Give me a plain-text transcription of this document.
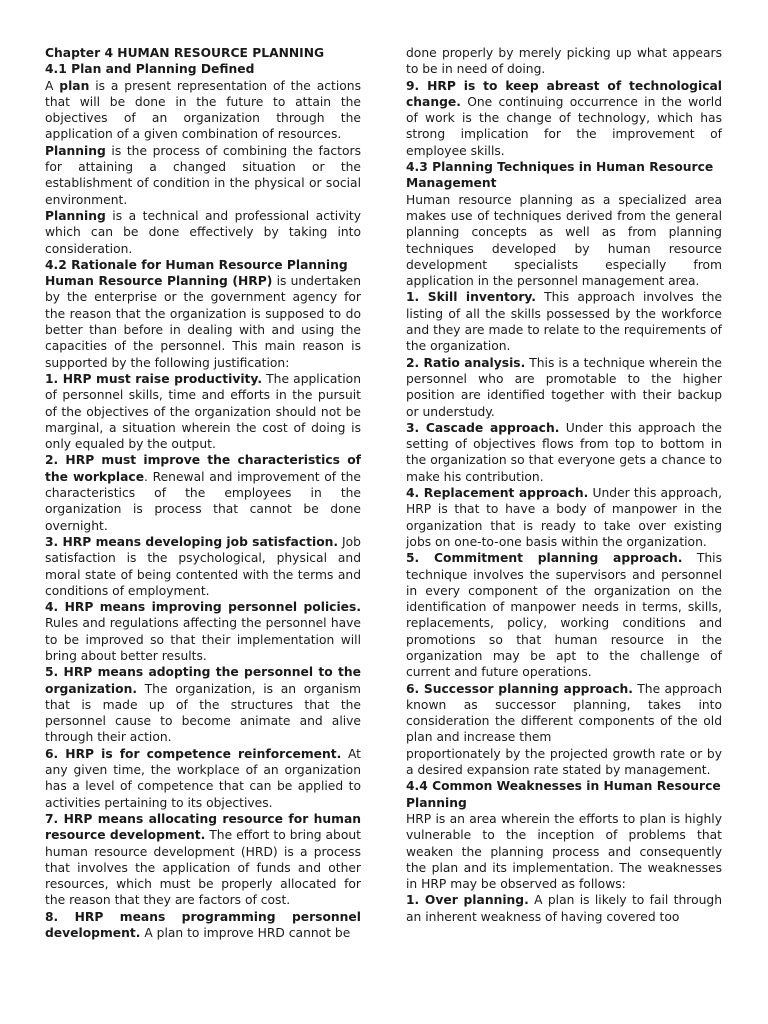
Chapter 4 HUMAN RESOURCE PLANNING

4.1 Plan and Planning Defined

A plan is a present representation of the actions that will be done in the future to attain the objectives of an organization through the application of a given combination of resources.

Planning is the process of combining the factors for attaining a changed situation or the establishment of condition in the physical or social environment.

Planning is a technical and professional activity which can be done effectively by taking into consideration.

4.2 Rationale for Human Resource Planning

Human Resource Planning (HRP) is undertaken by the enterprise or the government agency for the reason that the organization is supposed to do better than before in dealing with and using the capacities of the personnel. This main reason is supported by the following justification:

1. HRP must raise productivity. The application of personnel skills, time and efforts in the pursuit of the objectives of the organization should not be marginal, a situation wherein the cost of doing is only equaled by the output.

2. HRP must improve the characteristics of the workplace. Renewal and improvement of the characteristics of the employees in the organization is process that cannot be done overnight.

3. HRP means developing job satisfaction. Job satisfaction is the psychological, physical and moral state of being contented with the terms and conditions of employment.

4. HRP means improving personnel policies. Rules and regulations affecting the personnel have to be improved so that their implementation will bring about better results.

5. HRP means adopting the personnel to the organization. The organization, is an organism that is made up of the structures that the personnel cause to become animate and alive through their action.

6. HRP is for competence reinforcement. At any given time, the workplace of an organization has a level of competence that can be applied to activities pertaining to its objectives.

7. HRP means allocating resource for human resource development. The effort to bring about human resource development (HRD) is a process that involves the application of funds and other resources, which must be properly allocated for the reason that they are factors of cost.

8. HRP means programming personnel development. A plan to improve HRD cannot be

done properly by merely picking up what appears to be in need of doing.

9. HRP is to keep abreast of technological change. One continuing occurrence in the world of work is the change of technology, which has strong implication for the improvement of employee skills.

4.3 Planning Techniques in Human Resource Management

Human resource planning as a specialized area makes use of techniques derived from the general planning concepts as well as from planning techniques developed by human resource development specialists especially from application in the personnel management area.

1. Skill inventory. This approach involves the listing of all the skills possessed by the workforce and they are made to relate to the requirements of the organization.

2. Ratio analysis. This is a technique wherein the personnel who are promotable to the higher position are identified together with their backup or understudy.

3. Cascade approach. Under this approach the setting of objectives flows from top to bottom in the organization so that everyone gets a chance to make his contribution.

4. Replacement approach. Under this approach, HRP is that to have a body of manpower in the organization that is ready to take over existing jobs on one-to-one basis within the organization.

5. Commitment planning approach. This technique involves the supervisors and personnel in every component of the organization on the identification of manpower needs in terms, skills, replacements, policy, working conditions and promotions so that human resource in the organization may be apt to the challenge of current and future operations.

6. Successor planning approach. The approach known as successor planning, takes into consideration the different components of the old plan and increase them

proportionately by the projected growth rate or by a desired expansion rate stated by management.

4.4 Common Weaknesses in Human Resource Planning

HRP is an area wherein the efforts to plan is highly vulnerable to the inception of problems that weaken the planning process and consequently the plan and its implementation. The weaknesses in HRP may be observed as follows:

1. Over planning. A plan is likely to fail through an inherent weakness of having covered too
